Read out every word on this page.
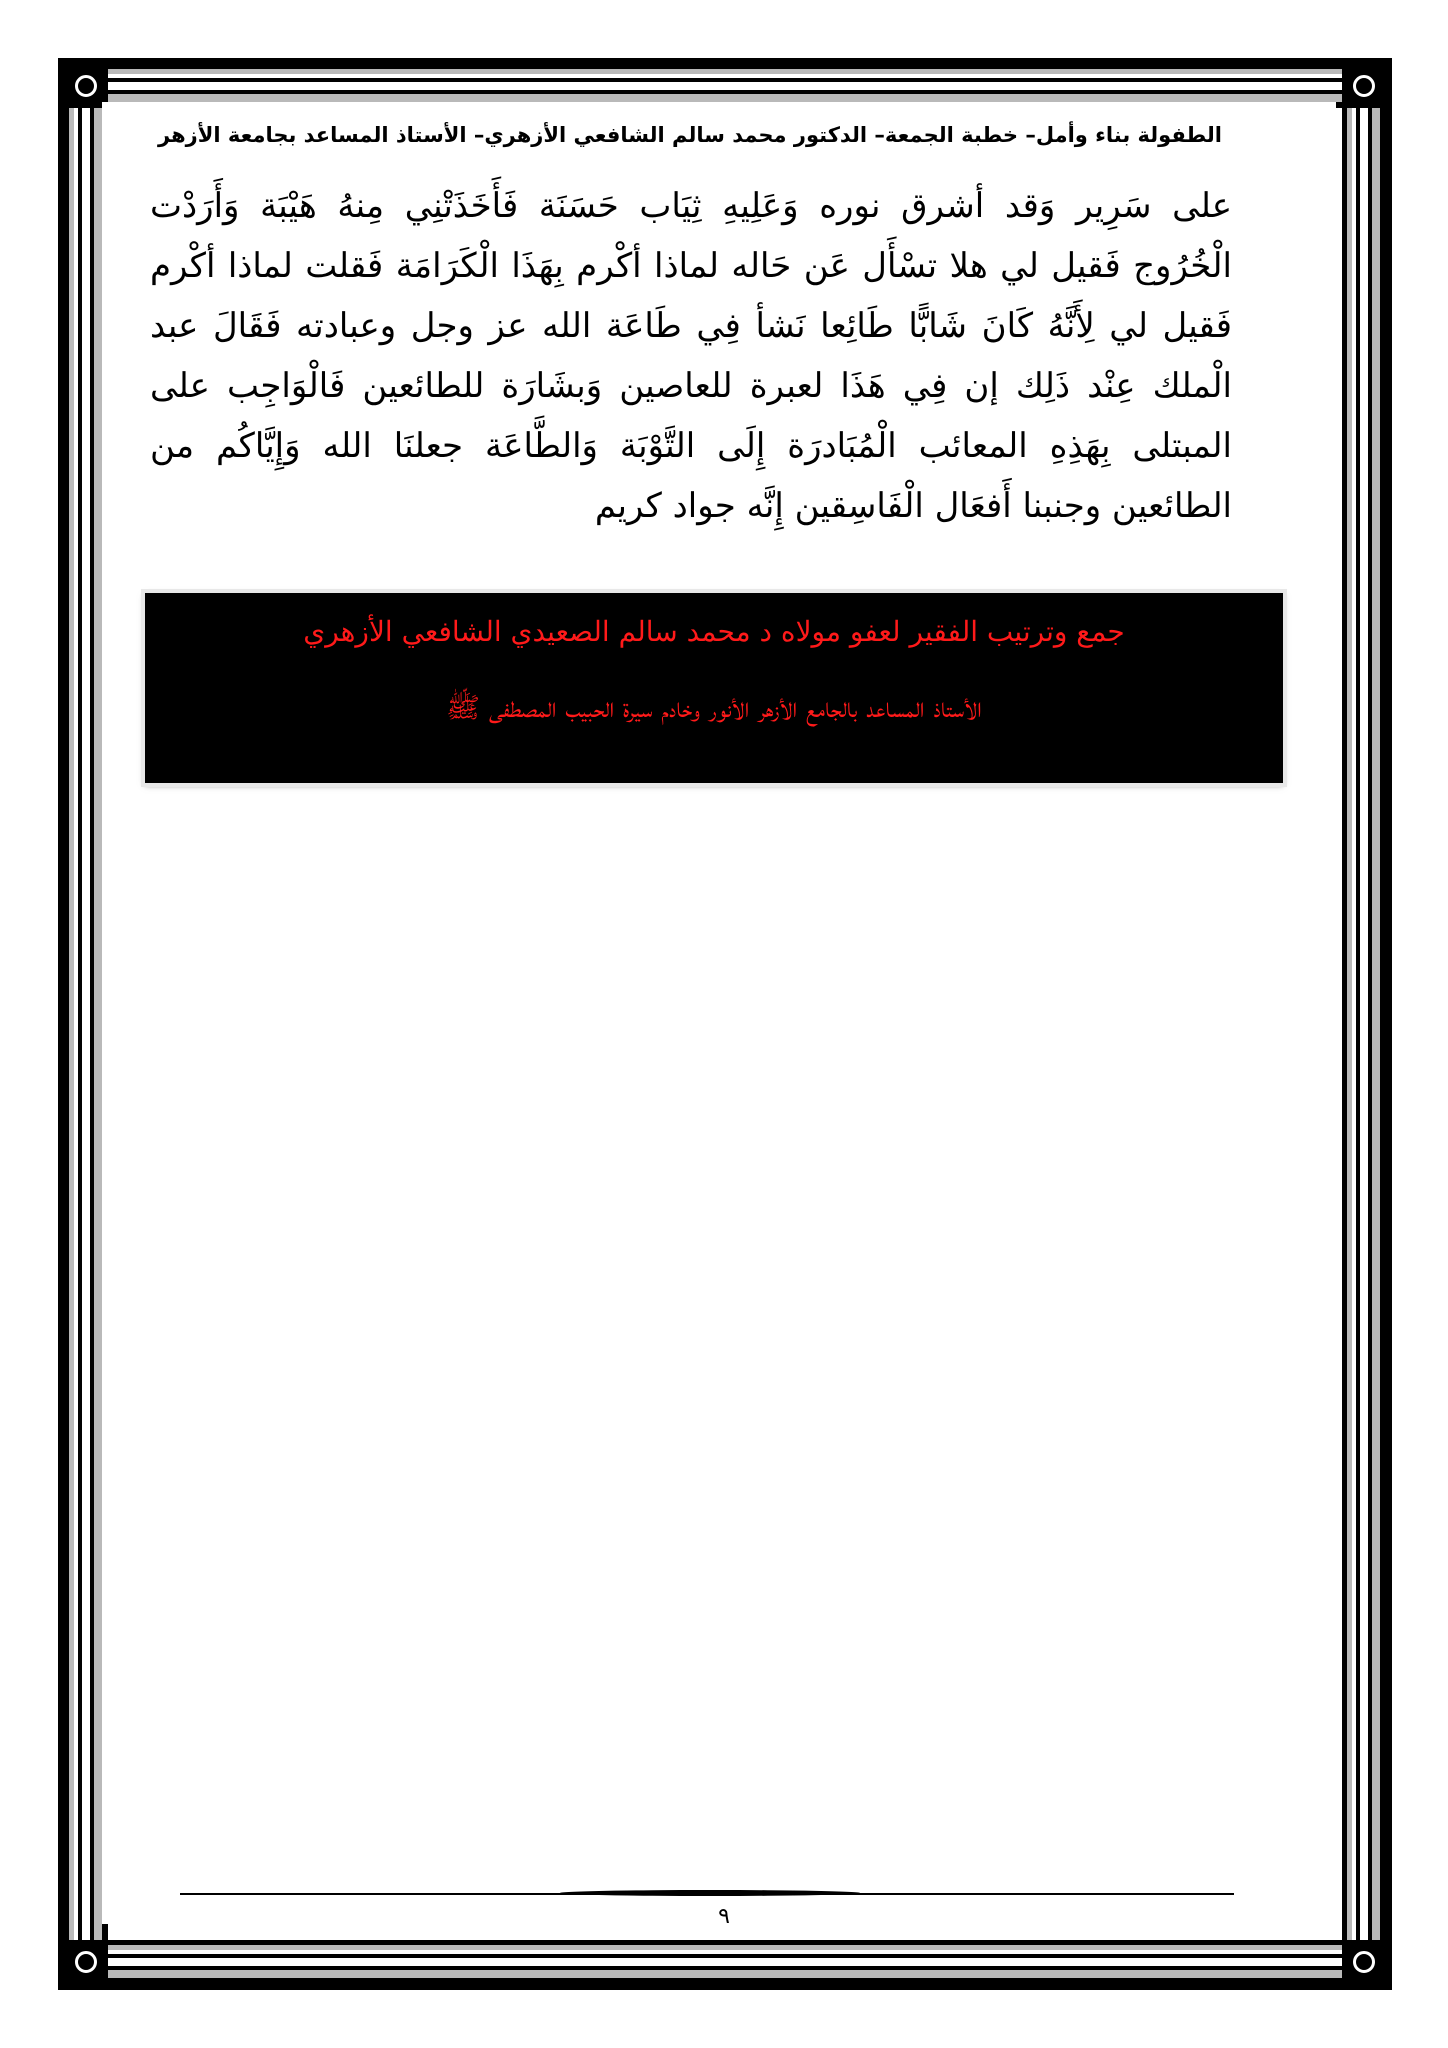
الطفولة بناء وأمل– خطبة الجمعة– الدكتور محمد سالم الشافعي الأزهري– الأستاذ المساعد بجامعة الأزهر
على سَرِير وَقد أشرق نوره وَعَلِيهِ ثِيَاب حَسَنَة فَأَخَذَتْنِي مِنهُ هَيْبَة وَأَرَدْت
الْخُرُوج فَقيل لي هلا تسْأَل عَن حَاله لماذا أكْرم بِهَذَا الْكَرَامَة فَقلت لماذا أكْرم
فَقيل لي لِأَنَّهُ كَانَ شَابًّا طَائِعا نَشأ فِي طَاعَة الله عز وجل وعبادته فَقَالَ عبد
الْملك عِنْد ذَلِك إن فِي هَذَا لعبرة للعاصين وَبشَارَة للطائعين فَالْوَاجِب على
المبتلى بِهَذِهِ المعائب الْمُبَادرَة إِلَى التَّوْبَة وَالطَّاعَة جعلنَا الله وَإِيَّاكُم من
الطائعين وجنبنا أَفعَال الْفَاسِقين إِنَّه جواد كريم

جمع وترتيب الفقير لعفو مولاه د محمد سالم الصعيدي الشافعي الأزهري

الأستاذ المساعد بالجامع الأزهر الأنور وخادم سيرة الحبيب المصطفى ﷺ

٩
